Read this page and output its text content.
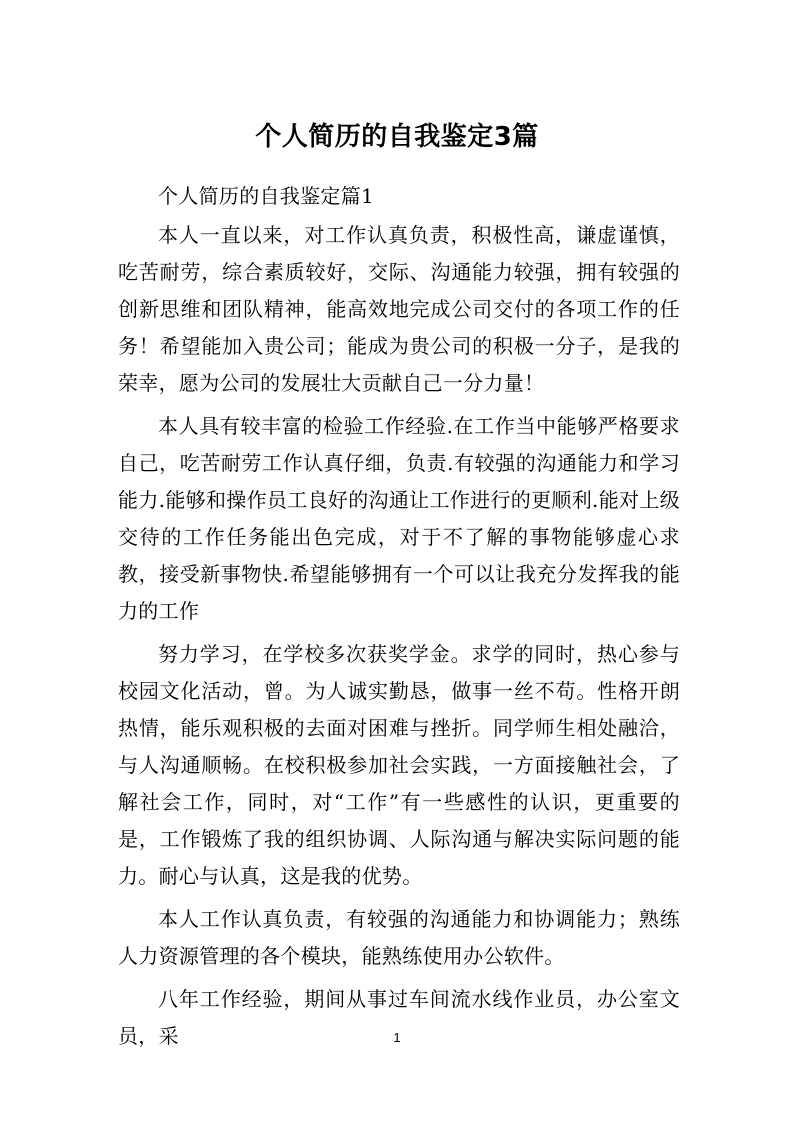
个人简历的自我鉴定3篇

个人简历的自我鉴定篇1

本人一直以来，对工作认真负责，积极性高，谦虚谨慎，吃苦耐劳，综合素质较好，交际、沟通能力较强，拥有较强的创新思维和团队精神，能高效地完成公司交付的各项工作的任务！希望能加入贵公司；能成为贵公司的积极一分子，是我的荣幸，愿为公司的发展壮大贡献自己一分力量！

本人具有较丰富的检验工作经验.在工作当中能够严格要求自己，吃苦耐劳工作认真仔细，负责.有较强的沟通能力和学习能力.能够和操作员工良好的沟通让工作进行的更顺利.能对上级交待的工作任务能出色完成，对于不了解的事物能够虚心求教，接受新事物快.希望能够拥有一个可以让我充分发挥我的能力的工作

努力学习，在学校多次获奖学金。求学的同时，热心参与校园文化活动，曾。为人诚实勤恳，做事一丝不苟。性格开朗热情，能乐观积极的去面对困难与挫折。同学师生相处融洽，与人沟通顺畅。在校积极参加社会实践，一方面接触社会，了解社会工作，同时，对“工作”有一些感性的认识，更重要的是，工作锻炼了我的组织协调、人际沟通与解决实际问题的能力。耐心与认真，这是我的优势。

本人工作认真负责，有较强的沟通能力和协调能力；熟练人力资源管理的各个模块，能熟练使用办公软件。

八年工作经验，期间从事过车间流水线作业员，办公室文员，采	1
